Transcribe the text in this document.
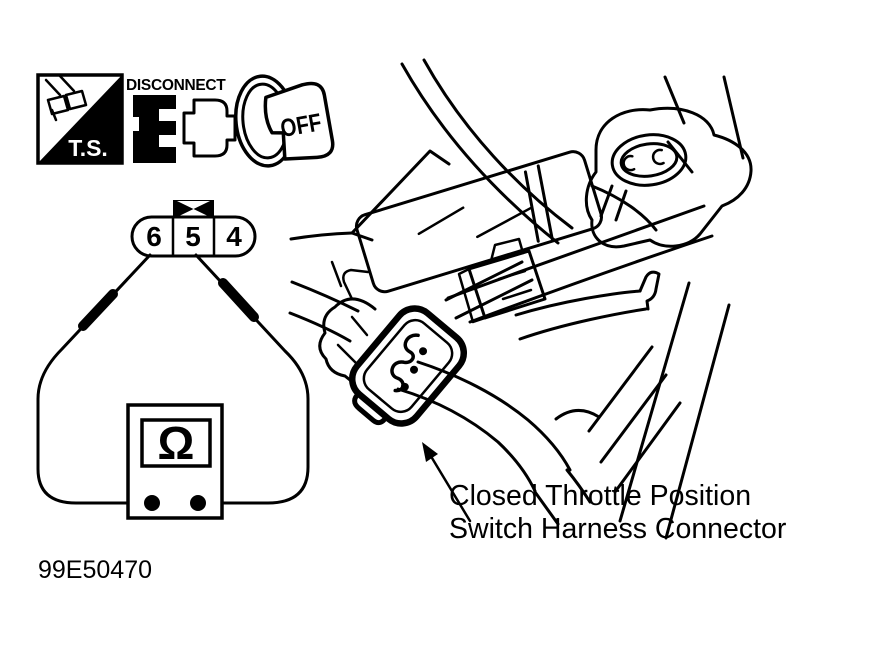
T.S.
DISCONNECT
OFF
6 5 4
Ω
Closed Throttle Position
Switch Harness Connector
99E50470
